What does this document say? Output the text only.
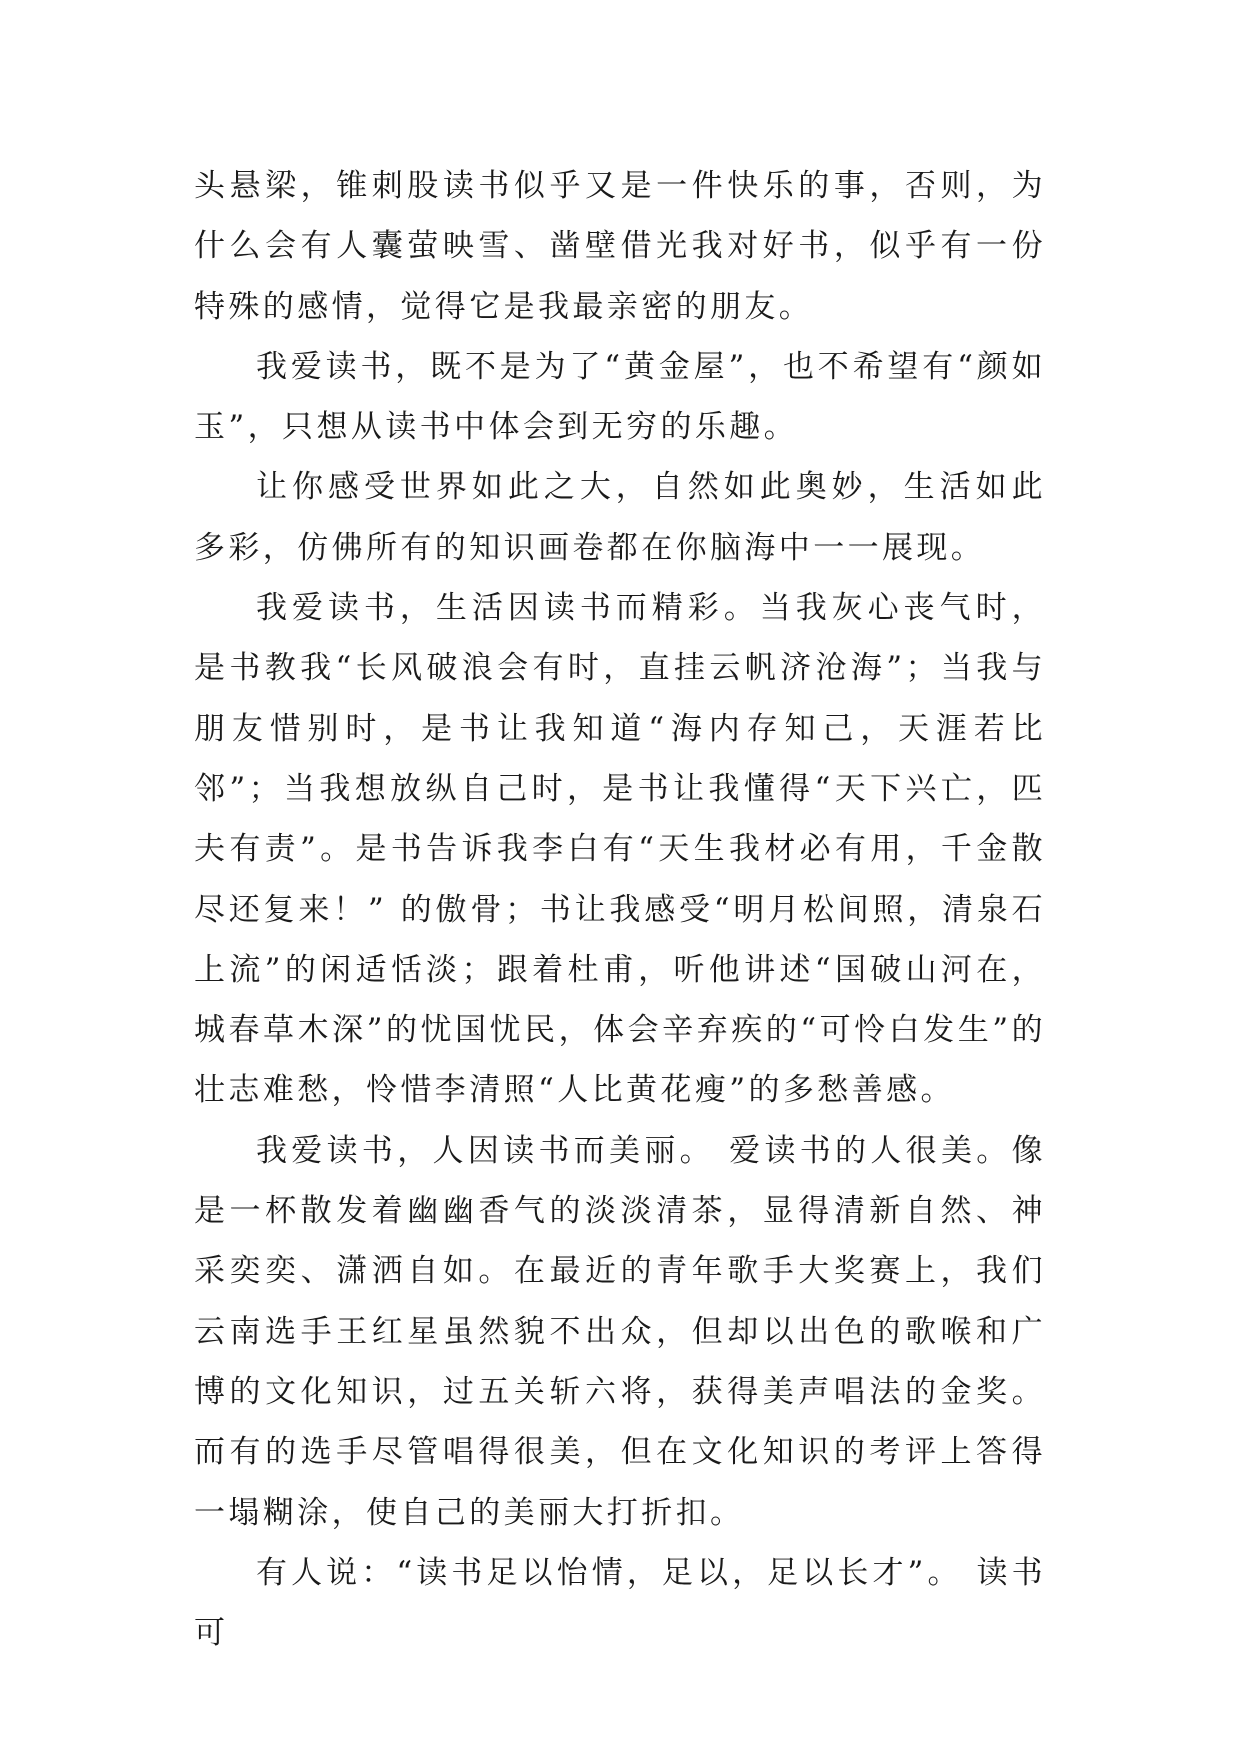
头悬梁，锥刺股读书似乎又是一件快乐的事，否则，为什么会有人囊萤映雪、凿壁借光我对好书，似乎有一份特殊的感情，觉得它是我最亲密的朋友。

我爱读书，既不是为了“黄金屋”，也不希望有“颜如玉”，只想从读书中体会到无穷的乐趣。

让你感受世界如此之大，自然如此奥妙，生活如此多彩，仿佛所有的知识画卷都在你脑海中一一展现。

我爱读书，生活因读书而精彩。当我灰心丧气时，是书教我“长风破浪会有时，直挂云帆济沧海”；当我与朋友惜别时，是书让我知道“海内存知己，天涯若比邻”；当我想放纵自己时，是书让我懂得“天下兴亡，匹夫有责”。是书告诉我李白有“天生我材必有用，千金散尽还复来！” 的傲骨；书让我感受“明月松间照，清泉石上流”的闲适恬淡；跟着杜甫，听他讲述“国破山河在，城春草木深”的忧国忧民，体会辛弃疾的“可怜白发生”的壮志难愁，怜惜李清照“人比黄花瘦”的多愁善感。

我爱读书，人因读书而美丽。 爱读书的人很美。像是一杯散发着幽幽香气的淡淡清茶，显得清新自然、神采奕奕、潇洒自如。在最近的青年歌手大奖赛上，我们云南选手王红星虽然貌不出众，但却以出色的歌喉和广博的文化知识，过五关斩六将，获得美声唱法的金奖。而有的选手尽管唱得很美，但在文化知识的考评上答得一塌糊涂，使自己的美丽大打折扣。

有人说：“读书足以怡情，足以，足以长才”。 读书可
